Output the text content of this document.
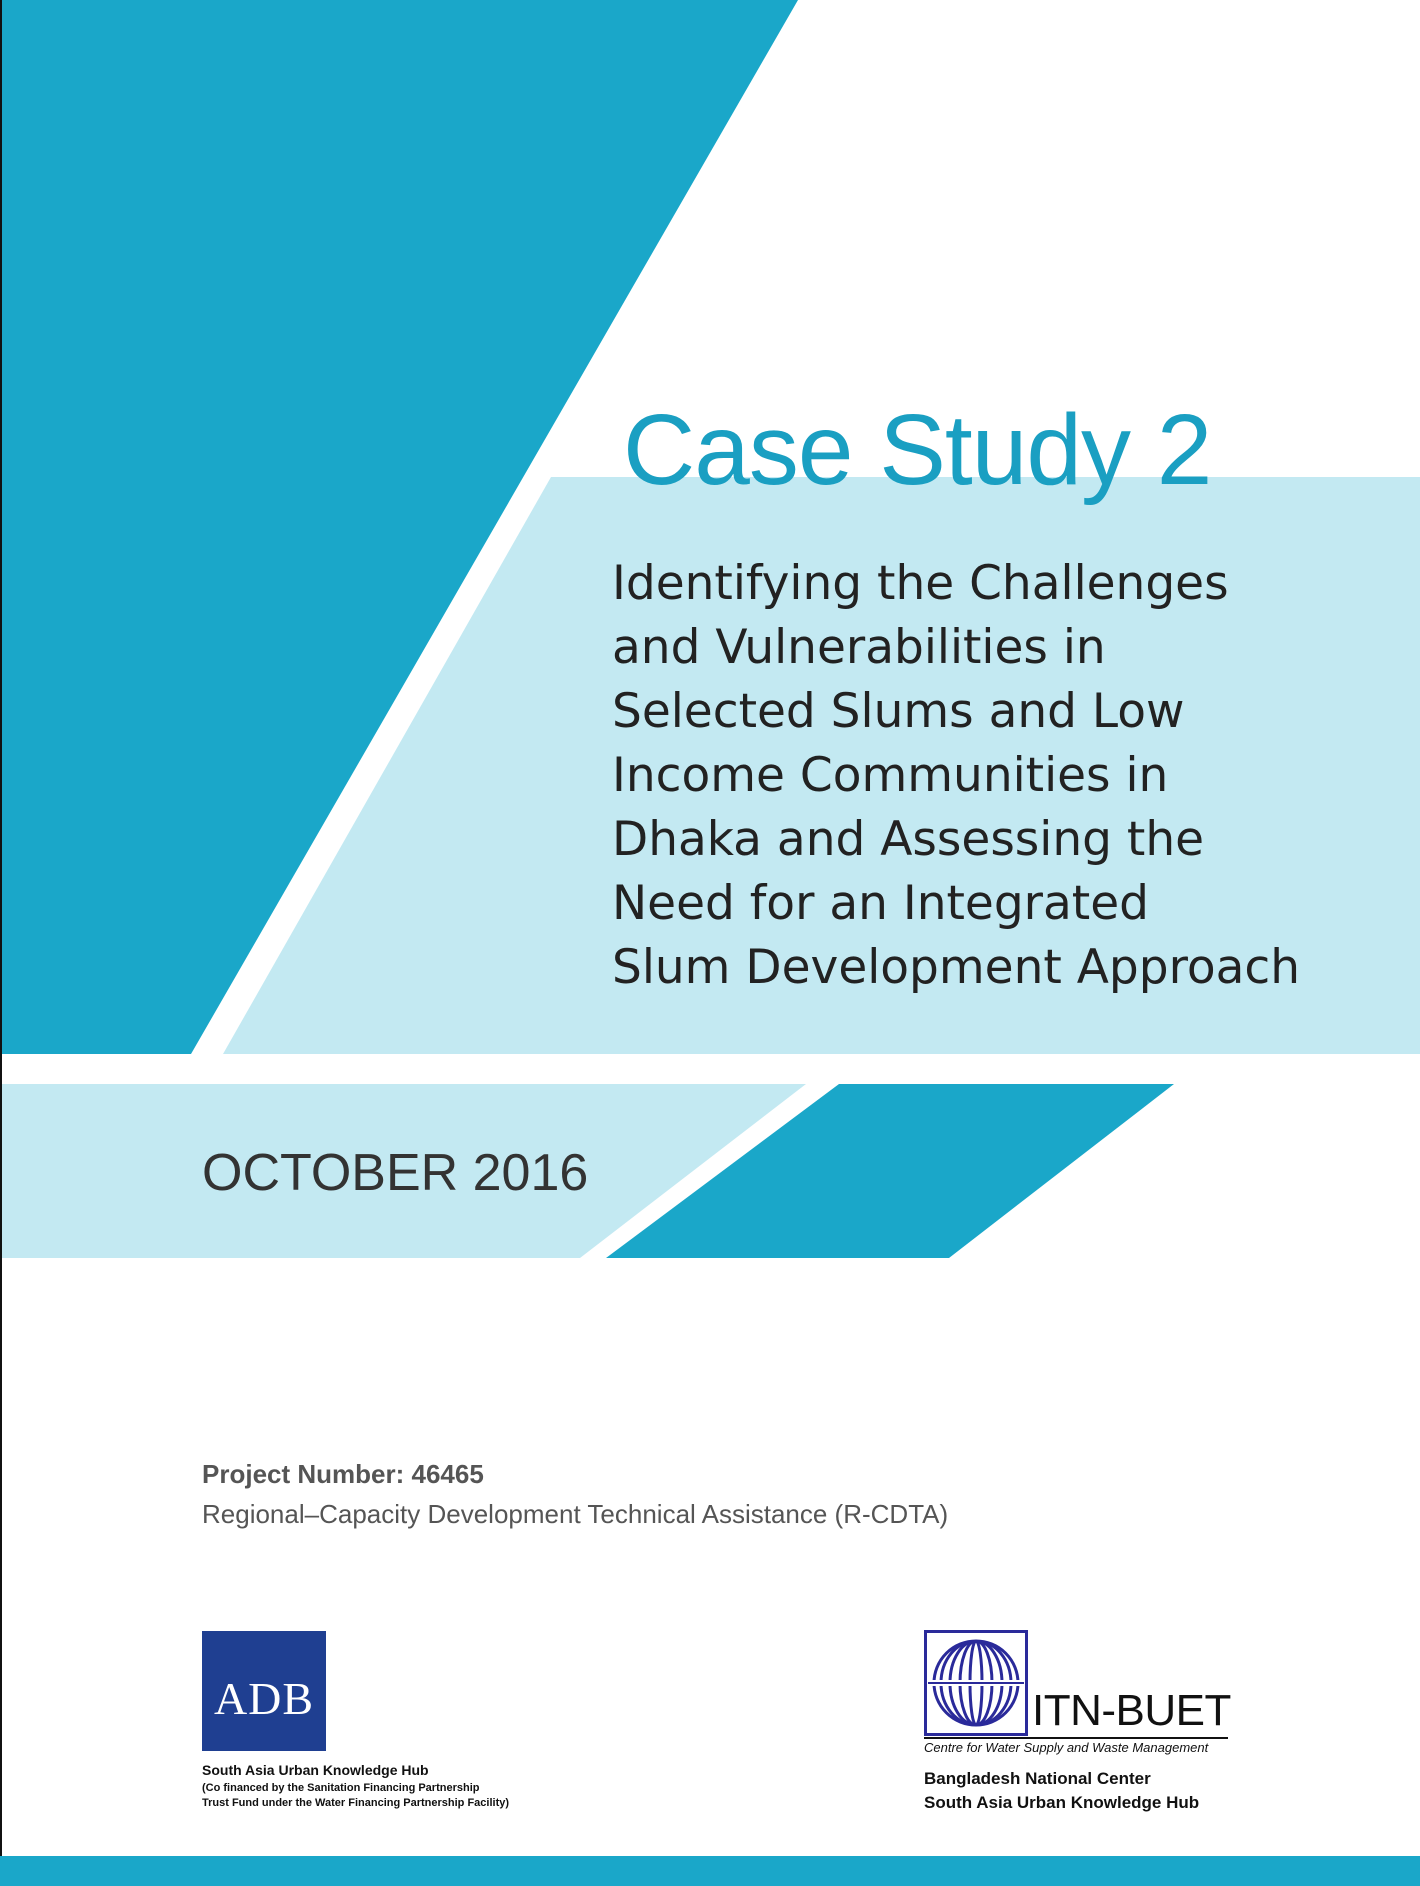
Case Study 2
Identifying the Challenges
and Vulnerabilities in
Selected Slums and Low
Income Communities in
Dhaka and Assessing the
Need for an Integrated
Slum Development Approach
OCTOBER 2016
Project Number: 46465
Regional–Capacity Development Technical Assistance (R-CDTA)
ADB
South Asia Urban Knowledge Hub
(Co financed by the Sanitation Financing Partnership
Trust Fund under the Water Financing Partnership Facility)
ITN-BUET
Centre for Water Supply and Waste Management
Bangladesh National Center
South Asia Urban Knowledge Hub
